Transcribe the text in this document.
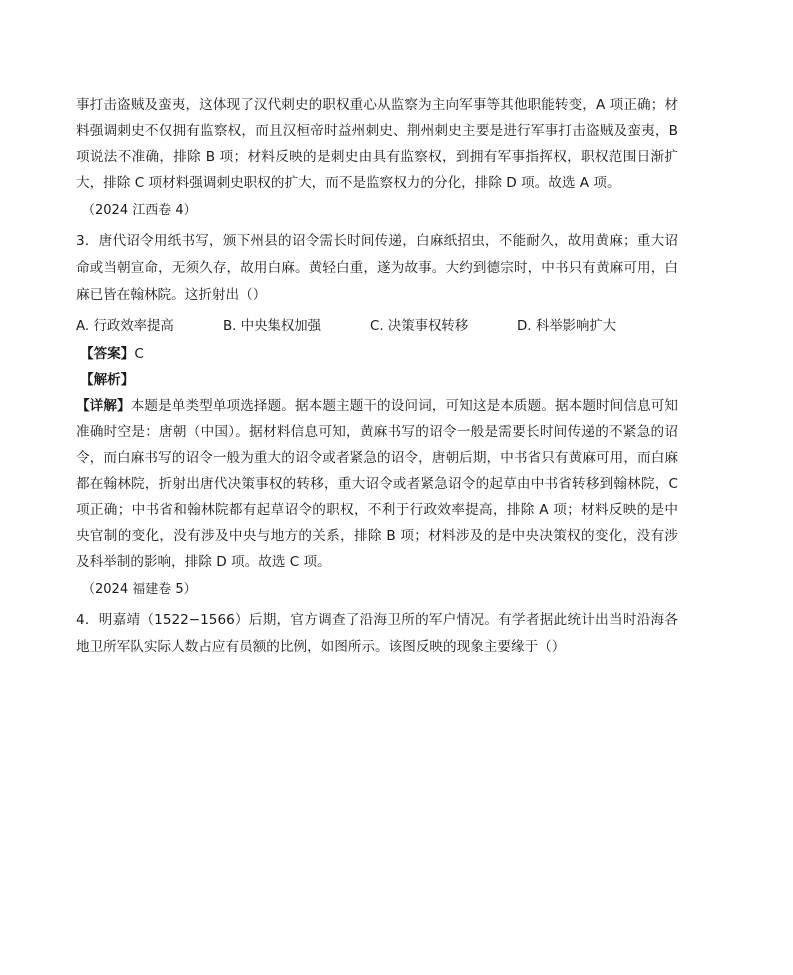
事打击盗贼及蛮夷，这体现了汉代刺史的职权重心从监察为主向军事等其他职能转变，A 项正确；材料强调刺史不仅拥有监察权，而且汉桓帝时益州刺史、荆州刺史主要是进行军事打击盗贼及蛮夷，B 项说法不准确，排除 B 项；材料反映的是刺史由具有监察权，到拥有军事指挥权，职权范围日渐扩大，排除 C 项材料强调刺史职权的扩大，而不是监察权力的分化，排除 D 项。故选 A 项。

（2024 江西卷 4）

3．唐代诏令用纸书写，颁下州县的诏令需长时间传递，白麻纸招虫，不能耐久，故用黄麻；重大诏命或当朝宣命，无须久存，故用白麻。黄轻白重，遂为故事。大约到德宗时，中书只有黄麻可用，白麻已皆在翰林院。这折射出（）

A. 行政效率提高	B. 中央集权加强	C. 决策事权转移	D. 科举影响扩大

【答案】C

【解析】

【详解】本题是单类型单项选择题。据本题主题干的设问词，可知这是本质题。据本题时间信息可知准确时空是：唐朝（中国）。据材料信息可知，黄麻书写的诏令一般是需要长时间传递的不紧急的诏令，而白麻书写的诏令一般为重大的诏令或者紧急的诏令，唐朝后期，中书省只有黄麻可用，而白麻都在翰林院，折射出唐代决策事权的转移，重大诏令或者紧急诏令的起草由中书省转移到翰林院，C 项正确；中书省和翰林院都有起草诏令的职权，不利于行政效率提高，排除 A 项；材料反映的是中央官制的变化，没有涉及中央与地方的关系，排除 B 项；材料涉及的是中央决策权的变化，没有涉及科举制的影响，排除 D 项。故选 C 项。

（2024 福建卷 5）

4．明嘉靖（1522−1566）后期，官方调查了沿海卫所的军户情况。有学者据此统计出当时沿海各地卫所军队实际人数占应有员额的比例，如图所示。该图反映的现象主要缘于（）
